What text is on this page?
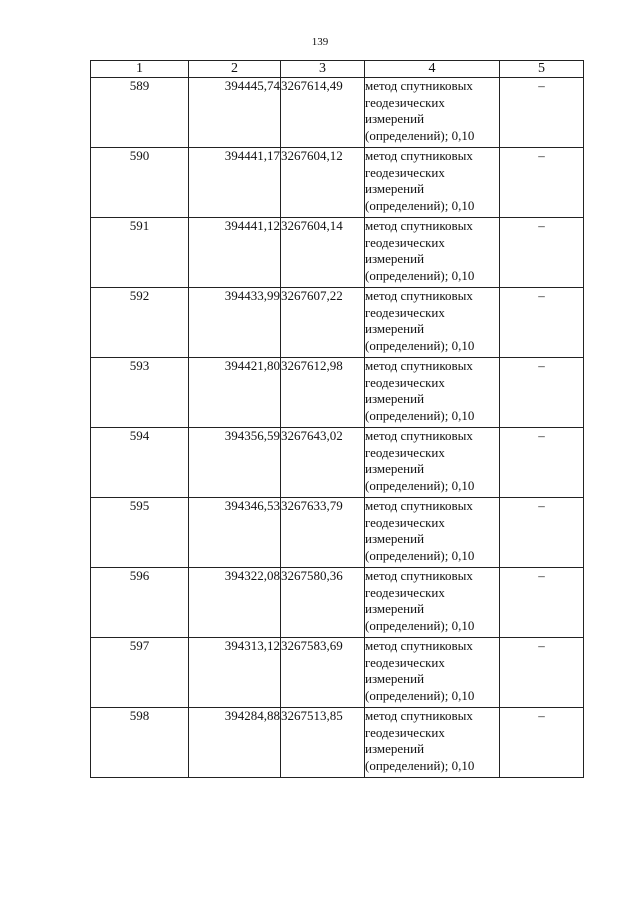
139
1	2	3	4	5
589	394445,74	3267614,49	метод спутниковых
геодезических
измерений
(определений); 0,10	–
590	394441,17	3267604,12	метод спутниковых
геодезических
измерений
(определений); 0,10	–
591	394441,12	3267604,14	метод спутниковых
геодезических
измерений
(определений); 0,10	–
592	394433,99	3267607,22	метод спутниковых
геодезических
измерений
(определений); 0,10	–
593	394421,80	3267612,98	метод спутниковых
геодезических
измерений
(определений); 0,10	–
594	394356,59	3267643,02	метод спутниковых
геодезических
измерений
(определений); 0,10	–
595	394346,53	3267633,79	метод спутниковых
геодезических
измерений
(определений); 0,10	–
596	394322,08	3267580,36	метод спутниковых
геодезических
измерений
(определений); 0,10	–
597	394313,12	3267583,69	метод спутниковых
геодезических
измерений
(определений); 0,10	–
598	394284,88	3267513,85	метод спутниковых
геодезических
измерений
(определений); 0,10	–
